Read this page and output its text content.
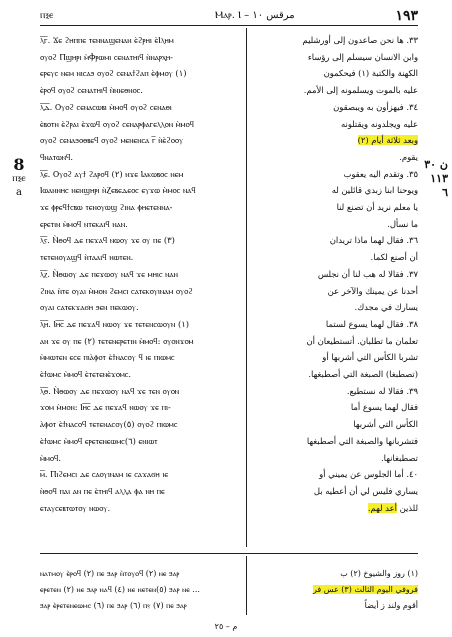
ⲡⲝⲉ	Ⲙⲁⲣ. Ⲓ – مرقس ١٠	١٩٣
8
ⲡⲝⲉ
a
ن ٣٠
١١٣
٦
ⲗ̅ⲅ̅. Ϫⲉ ϩⲏⲡⲡⲉ ⲧⲉⲛⲛⲁϣⲉⲛⲁⲛ ⲉ̀ϩⲣⲏⲓ ⲉ̀Ⲓⲗⲏⲙ
ⲟⲩⲟϩ Ⲡϣⲏⲣⲓ ⲙ̀Ⲫⲣⲱⲙⲓ ⲥⲉⲛⲁⲧⲏⲓϥ ⲛ̀ⲛⲁⲣⲭⲏ-
ⲉⲣⲉⲩⲥ ⲛⲉⲙ ⲛⲓⲥⲁϧ ⲟⲩⲟϩ ⲥⲉⲛⲁϯϩⲁⲡ ⲉ̀ⲫⲙⲟⲩ (١)
ⲉ̀ⲣⲟϥ ⲟⲩⲟϩ ⲥⲉⲛⲁⲧⲏⲓϥ ⲛ̀ⲛⲓⲉⲑⲛⲟⲥ.
ⲗ̅ⲇ̅. Ⲟⲩⲟϩ ⲥⲉⲛⲁⲥⲱⲃⲓ ⲙ̀ⲙⲟϥ ⲟⲩⲟϩ ⲥⲉⲛⲁⲑⲓ
ⲉ̀ⲃⲟⲧⲛ ⲉ̀ϩⲣⲁⲓ ⲉ̀ϫⲱϥ ⲟⲩⲟϩ ⲥⲉⲛⲁⲣⲫⲁⲅⲉⲗⲗⲟⲛ ⲙ̀ⲙⲟϥ
ⲟⲩⲟϩ ⲥⲉⲛⲁϧⲟⲑⲃⲉϥ ⲟⲩⲟϩ ⲙⲉⲛⲉⲛⲥⲁ ⲅ̅ ⲛ̀ⲉ̀ϩⲟⲟⲩ
ϥⲛⲁⲧⲱⲛϥ.
ⲗ̅ⲉ̅. Ⲟⲩⲟϩ ⲁⲩϯ ϩⲁⲣⲟϥ (٢) ⲛϫⲉ Ⲓⲁⲕⲱⲃⲟⲥ ⲛⲉⲙ
Ⲓⲱⲁⲛⲛⲏⲥ ⲛⲉⲛϣⲏⲣⲓ ⲛ̀Ⲍⲉⲃⲉⲇⲉⲟⲥ ⲉⲩϫⲱ ⲙ̀ⲙⲟⲥ ⲛⲁϥ
ϫⲉ ⲫⲣⲉϥϯⲥⲃⲱ ⲧⲉⲛⲟⲩⲱϣ ϩⲓⲛⲁ ⲫⲏⲉⲧⲉⲛⲛⲁ-
ⲉⲣⲉⲧⲓⲛ ⲙ̀ⲙⲟϥ ⲛⲧⲉⲕⲁⲓϥ ⲛⲁⲛ.
ⲗ̅ⲋ̅. Ⲛ̀ⲑⲟϥ ⲇⲉ ⲡⲉϫⲁϥ ⲛⲱⲟⲩ ϫⲉ ⲟⲩ ⲡⲉ (٣)
ⲧⲉⲧⲉⲛⲟⲩⲁϣϥ ⲛ̀ⲧⲁⲁⲓϥ ⲛⲱⲧⲉⲛ.
ⲗ̅ⲍ̅. Ⲛ̀ⲑⲱⲟⲩ ⲇⲉ ⲡⲉϫⲱⲟⲩ ⲛⲁϥ ϫⲉ ⲙⲏⲓⲥ ⲛⲁⲛ
ϩⲓⲛⲁ ⲛ̀ⲧⲉ ⲟⲩⲁⲓ ⲙ̀ⲙⲟⲛ ϩⲉⲙⲥⲓ ⲥⲁⲧⲉⲕⲟⲩⲓⲛⲁⲙ ⲟⲩⲟϩ
ⲟⲩⲁⲓ ⲥⲁⲧⲉⲕϫⲁϭⲏ ϧⲉⲛ ⲡⲉⲕⲱⲟⲩ.
ⲗ̅ⲏ̅. Ⲓⲏ̅ⲥ̅ ⲇⲉ ⲡⲉϫⲁϥ ⲛⲱⲟⲩ ϫⲉ ⲧⲉⲧⲉⲛⲥⲱⲟⲩⲛ (١)
ⲁⲛ ϫⲉ ⲟⲩ ⲡⲉ (٢) ⲧⲉⲧⲉⲛⲉⲣⲉⲧⲓⲛ ⲙ̀ⲙⲟϥ: ⲟⲩⲟⲛϫⲟⲙ
ⲙ̀ⲙⲱⲧⲉⲛ ⲉⲥⲉ ⲡⲓⲁ̀ⲫⲟⲧ ⲉ̀ϯⲛⲁⲥⲟⲩ ϥ ⲓⲉ ⲡⲓⲱⲙⲥ
ⲉ̀ϯⲱⲙⲥ ⲙ̀ⲙⲟϥ ⲉ̀ⲧⲉⲧⲉⲛⲉ̀ϫⲟⲙⲥ.
ⲗ̅ⲑ̅. Ⲛ̀ⲑⲱⲟⲩ ⲇⲉ ⲡⲉϫⲱⲟⲩ ⲛⲁϥ ϫⲉ ⲧⲉⲛ ⲟⲩⲟⲛ
ϫⲟⲙ ⲙ̀ⲙⲟⲛ: Ⲓⲏ̅ⲥ̅ ⲇⲉ ⲡⲉϫⲁϥ ⲛⲱⲟⲩ ϫⲉ ⲡⲓ-
ⲁ̀ⲫⲟⲧ ⲉ̀ϯⲛⲁⲥⲟϥ ⲧⲉⲧⲉⲛⲁⲥⲟⲩ(٥) ⲟⲩⲟϩ ⲡⲓⲱⲙⲥ
ⲉ̀ϯⲱⲙⲥ ⲙ̀ⲙⲟϥ ⲉⲣⲉⲧⲉⲛⲉⲱⲙⲥ(٦) ⲉⲛⲓⲱⲧ
ⲙ̀ⲙⲟϥ.
ⲙ̅. Ⲡⲓϩⲉⲙⲥⲓ ⲇⲉ ⲥⲁⲟⲩⲓⲛⲁⲙ ⲓⲉ ⲥⲁϫⲁϭⲏ ⲓⲉ
ⲛ̀ⲑⲟϥ ⲡⲁⲓ ⲁⲛ ⲡⲉ ⲉ̀ⲧⲏⲓϥ ⲁⲗⲗⲁ ⲫⲁ ⲛⲏ ⲡⲉ
ⲉⲧⲁⲩⲥⲉⲃⲧⲱⲧⲟⲩ ⲛⲱⲟⲩ.
٣٣. ها نحن صاعدون إلى أورشليم
وابن الانسان سيسلم إلى رؤساء
الكهنة والكتبة (١) فيحكمون
عليه بالموت ويسلمونه إلى الأمم.
٣٤. فيهزأون به ويبصقون
عليه ويجلدونه ويقتلونه
وبعد ثلاثة أيام (٢)
يقوم.
٣٥. وتقدم اليه يعقوب
ويوحنا ابنا زبدي قائلين له
يا معلم نريد أن تصنع لنا
ما نسأل.
٣٦. فقال لهما ماذا تريدان
أن أصنع لكما.
٣٧. فقالا له هب لنا أن نجلس
أحدنا عن يمينك والآخر عن
يسارك في مجدك.
٣٨. فقال لهما يسوع لستما
تعلمان ما تطلبان. أتستطيعان أن
تشربا الكأس التي أشربها أو
(تصطبغا) الصبغة التي أصطبغها.
٣٩. فقالا له نستطيع.
فقال لهما يسوع أما
الكأس التي أشربها
فتشربانها والصبغة التي أصطبغها
تصطبغانها.
٤٠. أما الجلوس عن يميني أو
يساري فليس لي أن أعطيه بل
للذين أعد لهم.
ⲛⲁⲧⲙⲟⲩ ⲉ̀ⲣⲟϥ (٢) ⲡⲉ ϧⲁⲣ ⲛ̀ⲧⲟⲩⲟϥ (٢) ⲛⲉ ϧⲁⲣ
ⲉⲣⲉⲧⲉⲛ (٢) ⲛⲉ ϧⲁⲣ ⲛⲁϥ (٤) ⲛⲉ ⲛⲉⲧⲉⲛ(٥) ϧⲁⲣ ⲛⲉ ...
ϧⲁⲣ ⲉ̀ⲣⲉⲧⲉⲛⲉⲱⲙⲥ (٦) ⲡⲉ ϧⲁⲣ (٦) ⲡⲋ (٧) ⲡⲉ ϧⲁⲣ
(١) روز والشيوخ (٢) ب
فروفي اليوم الثالث (٣) عس فر
أقوم ولند ز أيضاً
م – ٢٥
